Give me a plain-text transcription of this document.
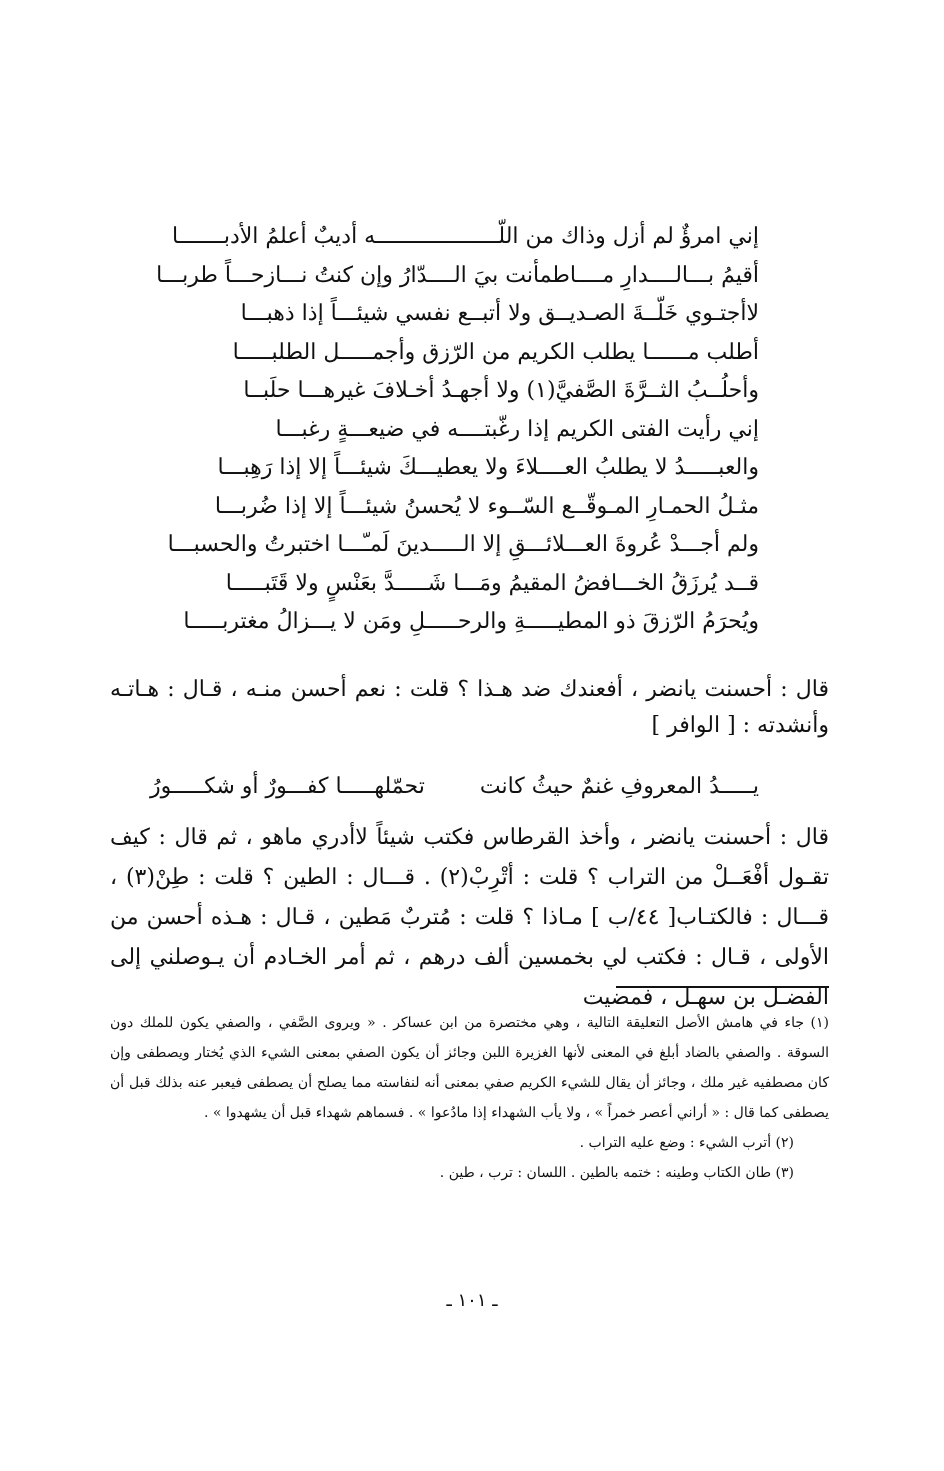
إني امرؤٌ لم أزل وذاك من اللّـــــــــــــــــــه أديبٌ أعلمُ الأدبـــــــا
أقيمُ بـــالــــدارِ مــــاطمأنت بيَ الــــدّارُ وإن كنتُ نـــازحـــاً طربـــا
لاأجتـوي خَلّــةَ الصـديــق ولا أتبــع نفسي شيئـــاً إذا ذهبـــا
أطلب مــــــا يطلب الكريم من الرّزق وأجمـــــل الطلبـــــا
وأحلُــبُ الثــرَّةَ الصَّفيَّ(١) ولا أجهـدُ أخـلافَ غيرهـــا حلَبــا
إني رأيت الفتى الكريم إذا رغّبتــــه في ضيعـــةٍ رغبـــا
والعبـــــدُ لا يطلبُ العــــلاءَ ولا يعطيـــكَ شيئـــاً إلا إذا رَهِبـــا
مثـلُ الحمـارِ المـوقّــع السّــوء لا يُحسنُ شيئـــاً إلا إذا ضُربـــا
ولم أجـــدْ عُروةَ العـــلائـــقِ إلا الـــــدينَ لَمـّـــا اختبرتُ والحسبـــا
قــد يُرزَقُ الخـــافضُ المقيمُ ومَـــا شَـــــدَّ بعَنْسٍ ولا قَتَبـــــا
ويُحرَمُ الرّزقَ ذو المطيـــــةِ والرحـــــلِ ومَن لا يـــزالُ مغتربـــــا

قال : أحسنت يانضر ، أفعندك ضد هـذا ؟ قلت : نعم أحسن منـه ، قـال : هـاتـه وأنشدته : [ الوافر ]

يـــــدُ المعروفِ غنمٌ حيثُ كانت
تحمّلهـــــا كفـــورٌ أو شكـــــورُ

قال : أحسنت يانضر ، وأخذ القرطاس فكتب شيئاً لاأدري ماهو ، ثم قال : كيف تقـول أفْعَــلْ من التراب ؟ قلت : أتْرِبْ(٢) . قـــال : الطين ؟ قلت : طِنْ(٣) ، قـــال : فالكتـاب[ ٤٤/ب ] مـاذا ؟ قلت : مُتربٌ مَطين ، قـال : هـذه أحسن من الأولى ، قـال : فكتب لي بخمسين ألف درهم ، ثم أمر الخـادم أن يـوصلني إلى الفضـل بن سهـل ، فمضيت

(١) جاء في هامش الأصل التعليقة التالية ، وهي مختصرة من ابن عساكر . « ويروى الصَّفي ، والصفي يكون للملك دون السوقة . والصفي بالضاد أبلغ في المعنى لأنها الغزيرة اللبن وجائز أن يكون الصفي بمعنى الشيء الذي يُختار ويصطفى وإن كان مصطفيه غير ملك ، وجائز أن يقال للشيء الكريم صفي بمعنى أنه لنفاسته مما يصلح أن يصطفى فيعبر عنه بذلك قبل أن يصطفى كما قال : « أراني أعصر خمراً » ، ولا يأب الشهداء إذا مادُعوا » . فسماهم شهداء قبل أن يشهدوا » .

(٢) أترب الشيء : وضع عليه التراب .

(٣) طان الكتاب وطينه : ختمه بالطين . اللسان : ترب ، طين .

ـ ١٠١ ـ
